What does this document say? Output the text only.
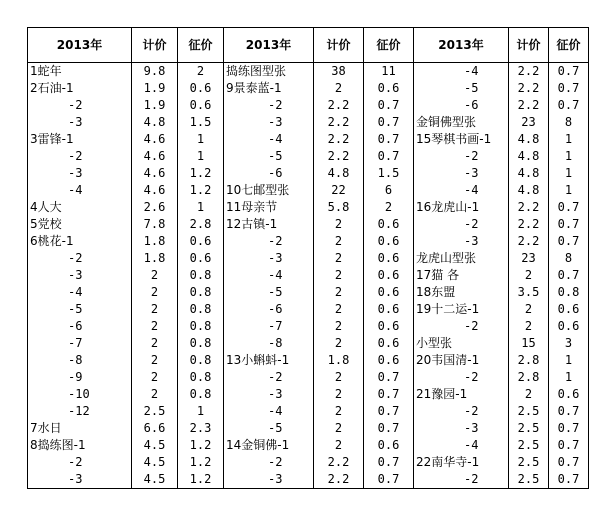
2013年	计价	征价	2013年	计价	征价	2013年	计价	征价
1蛇年	9.8	2	捣练图型张	38	11	-4	2.2	0.7
2石油-1	1.9	0.6	9景泰蓝-1	2	0.6	-5	2.2	0.7
-2	1.9	0.6	-2	2.2	0.7	-6	2.2	0.7
-3	4.8	1.5	-3	2.2	0.7	金铜佛型张	23	8
3雷锋-1	4.6	1	-4	2.2	0.7	15琴棋书画-1	4.8	1
-2	4.6	1	-5	2.2	0.7	-2	4.8	1
-3	4.6	1.2	-6	4.8	1.5	-3	4.8	1
-4	4.6	1.2	10七邮型张	22	6	-4	4.8	1
4人大	2.6	1	11母亲节	5.8	2	16龙虎山-1	2.2	0.7
5党校	7.8	2.8	12古镇-1	2	0.6	-2	2.2	0.7
6桃花-1	1.8	0.6	-2	2	0.6	-3	2.2	0.7
-2	1.8	0.6	-3	2	0.6	龙虎山型张	23	8
-3	2	0.8	-4	2	0.6	17猫 各	2	0.7
-4	2	0.8	-5	2	0.6	18东盟	3.5	0.8
-5	2	0.8	-6	2	0.6	19十二运-1	2	0.6
-6	2	0.8	-7	2	0.6	-2	2	0.6
-7	2	0.8	-8	2	0.6	小型张	15	3
-8	2	0.8	13小蝌蚪-1	1.8	0.6	20韦国清-1	2.8	1
-9	2	0.8	-2	2	0.7	-2	2.8	1
-10	2	0.8	-3	2	0.7	21豫园-1	2	0.6
-12	2.5	1	-4	2	0.7	-2	2.5	0.7
7水日	6.6	2.3	-5	2	0.7	-3	2.5	0.7
8捣练图-1	4.5	1.2	14金铜佛-1	2	0.6	-4	2.5	0.7
-2	4.5	1.2	-2	2.2	0.7	22南华寺-1	2.5	0.7
-3	4.5	1.2	-3	2.2	0.7	-2	2.5	0.7
